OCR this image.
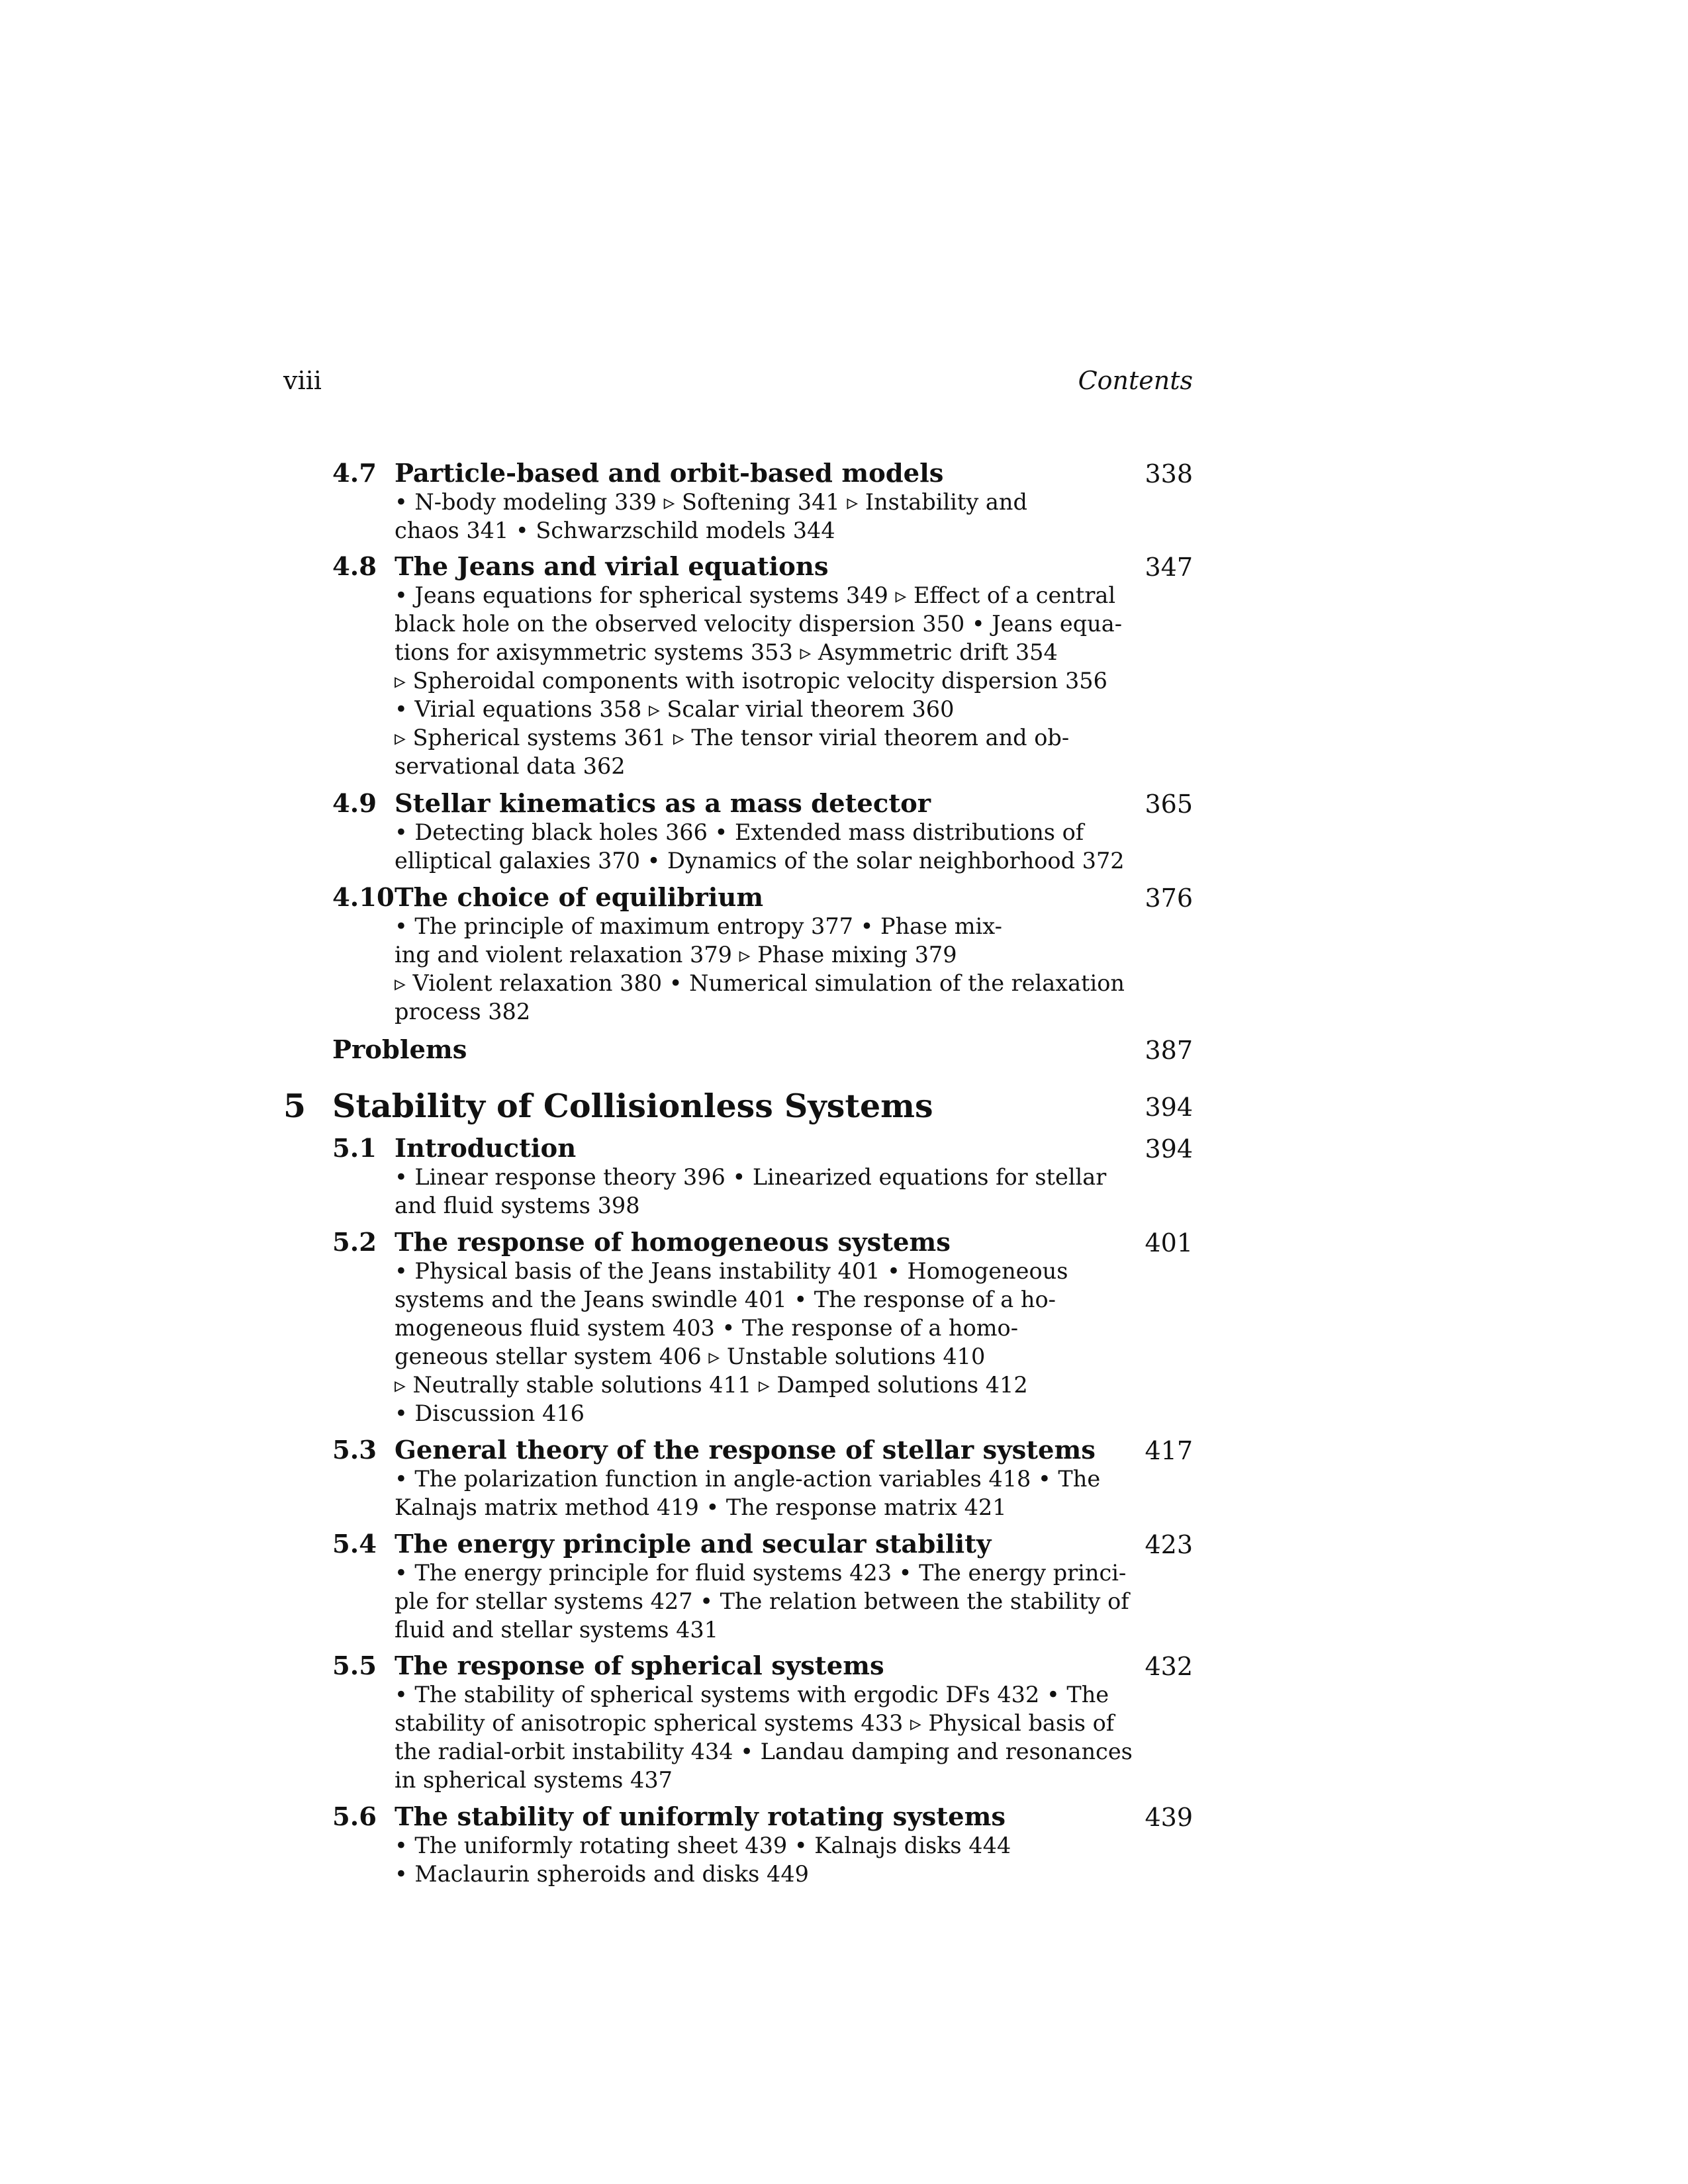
viii	Contents
4.7 Particle-based and orbit-based models	338
• N-body modeling 339 ▹ Softening 341 ▹ Instability and
chaos 341 • Schwarzschild models 344
4.8 The Jeans and virial equations	347
• Jeans equations for spherical systems 349 ▹ Effect of a central
black hole on the observed velocity dispersion 350 • Jeans equa-
tions for axisymmetric systems 353 ▹ Asymmetric drift 354
▹ Spheroidal components with isotropic velocity dispersion 356
• Virial equations 358 ▹ Scalar virial theorem 360
▹ Spherical systems 361 ▹ The tensor virial theorem and ob-
servational data 362
4.9 Stellar kinematics as a mass detector	365
• Detecting black holes 366 • Extended mass distributions of
elliptical galaxies 370 • Dynamics of the solar neighborhood 372
4.10 The choice of equilibrium	376
• The principle of maximum entropy 377 • Phase mix-
ing and violent relaxation 379 ▹ Phase mixing 379
▹ Violent relaxation 380 • Numerical simulation of the relaxation
process 382
Problems	387
5 Stability of Collisionless Systems	394
5.1 Introduction	394
• Linear response theory 396 • Linearized equations for stellar
and fluid systems 398
5.2 The response of homogeneous systems	401
• Physical basis of the Jeans instability 401 • Homogeneous
systems and the Jeans swindle 401 • The response of a ho-
mogeneous fluid system 403 • The response of a homo-
geneous stellar system 406 ▹ Unstable solutions 410
▹ Neutrally stable solutions 411 ▹ Damped solutions 412
• Discussion 416
5.3 General theory of the response of stellar systems 417
• The polarization function in angle-action variables 418 • The
Kalnajs matrix method 419 • The response matrix 421
5.4 The energy principle and secular stability	423
• The energy principle for fluid systems 423 • The energy princi-
ple for stellar systems 427 • The relation between the stability of
fluid and stellar systems 431
5.5 The response of spherical systems	432
• The stability of spherical systems with ergodic DFs 432 • The
stability of anisotropic spherical systems 433 ▹ Physical basis of
the radial-orbit instability 434 • Landau damping and resonances
in spherical systems 437
5.6 The stability of uniformly rotating systems	439
• The uniformly rotating sheet 439 • Kalnajs disks 444
• Maclaurin spheroids and disks 449
